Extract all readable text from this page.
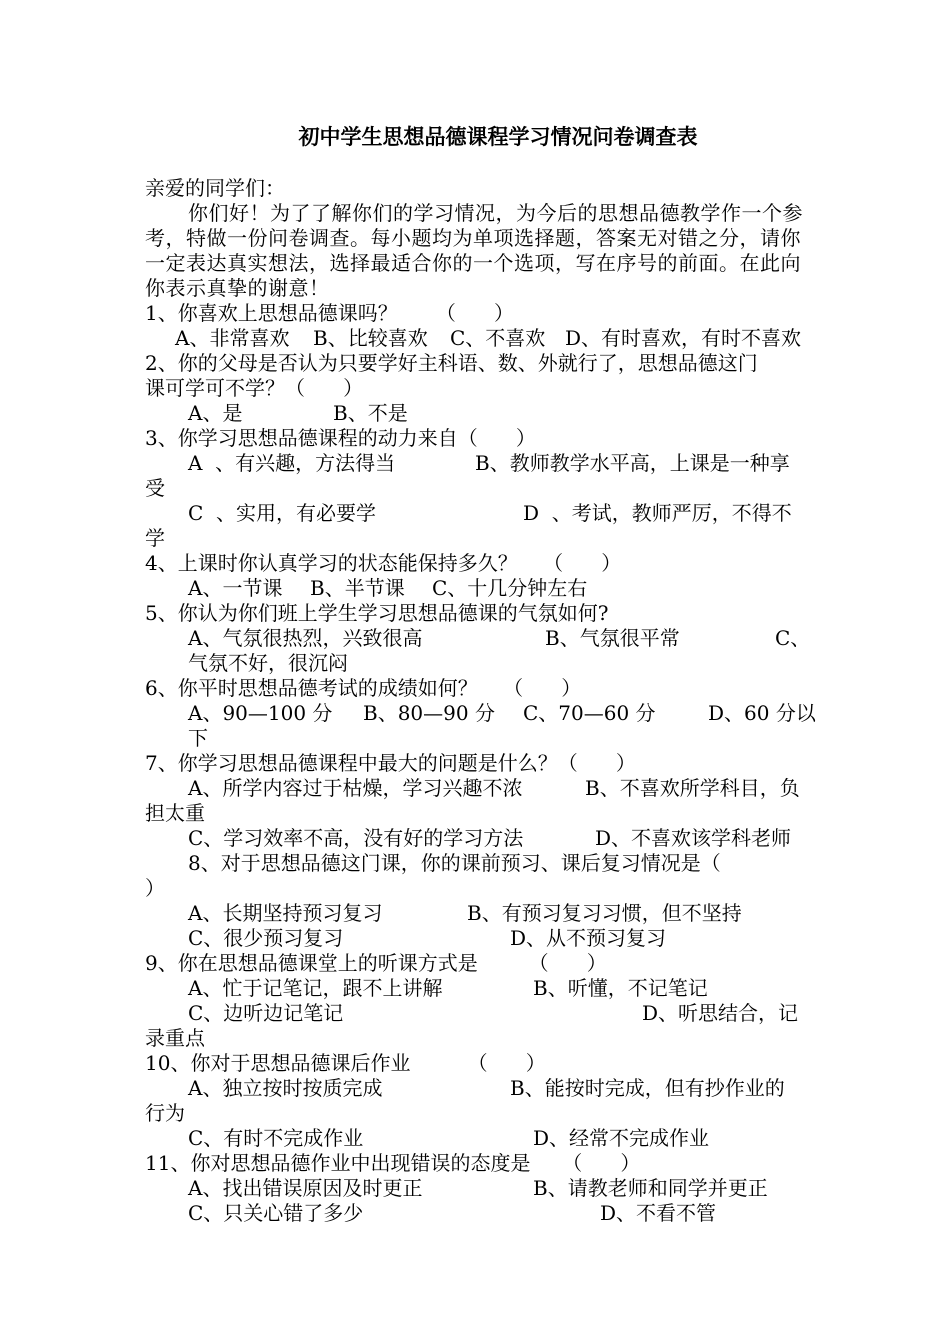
初中学生思想品德课程学习情况问卷调查表
亲爱的同学们：
你们好！为了了解你们的学习情况，为今后的思想品德教学作一个参考，特做一份问卷调查。每小题均为单项选择题，答案无对错之分，请你一定表达真实想法，选择最适合你的一个选项，写在序号的前面。在此向你表示真挚的谢意！
1、你喜欢上思想品德课吗？      （      ）
A、非常喜欢 B、比较喜欢 C、不喜欢 D、有时喜欢，有时不喜欢
2、你的父母是否认为只要学好主科语、数、外就行了，思想品德这门
课可学可不学？（      ）
A、是	B、不是
3、你学习思想品德课程的动力来自（      ）
A  、有兴趣，方法得当	B、教师教学水平高，上课是一种享
受
C  、实用，有必要学	D  、考试，教师严厉，不得不
学
4、上课时你认真学习的状态能保持多久？    （      ）
A、一节课 B、半节课 C、十几分钟左右
5、你认为你们班上学生学习思想品德课的气氛如何?
A、气氛很热烈，兴致很高	B、气氛很平常	C、
气氛不好，很沉闷
6、你平时思想品德考试的成绩如何？    （      ）
A、90—100 分 B、80—90 分 C、70—60 分	D、60 分以
下
7、你学习思想品德课程中最大的问题是什么？（      ）
A、所学内容过于枯燥，学习兴趣不浓	B、不喜欢所学科目，负
担太重
C、学习效率不高，没有好的学习方法	D、不喜欢该学科老师
8、对于思想品德这门课，你的课前预习、课后复习情况是（
）
A、长期坚持预习复习	B、有预习复习习惯，但不坚持
C、很少预习复习	D、从不预习复习
9、你在思想品德课堂上的听课方式是        （      ）
A、忙于记笔记，跟不上讲解	B、听懂，不记笔记
C、边听边记笔记	D、听思结合，记
录重点
10、你对于思想品德课后作业         （      ）
A、独立按时按质完成	B、能按时完成，但有抄作业的
行为
C、有时不完成作业	D、经常不完成作业
11、你对思想品德作业中出现错误的态度是     （      ）
A、找出错误原因及时更正	B、请教老师和同学并更正
C、只关心错了多少	D、不看不管
